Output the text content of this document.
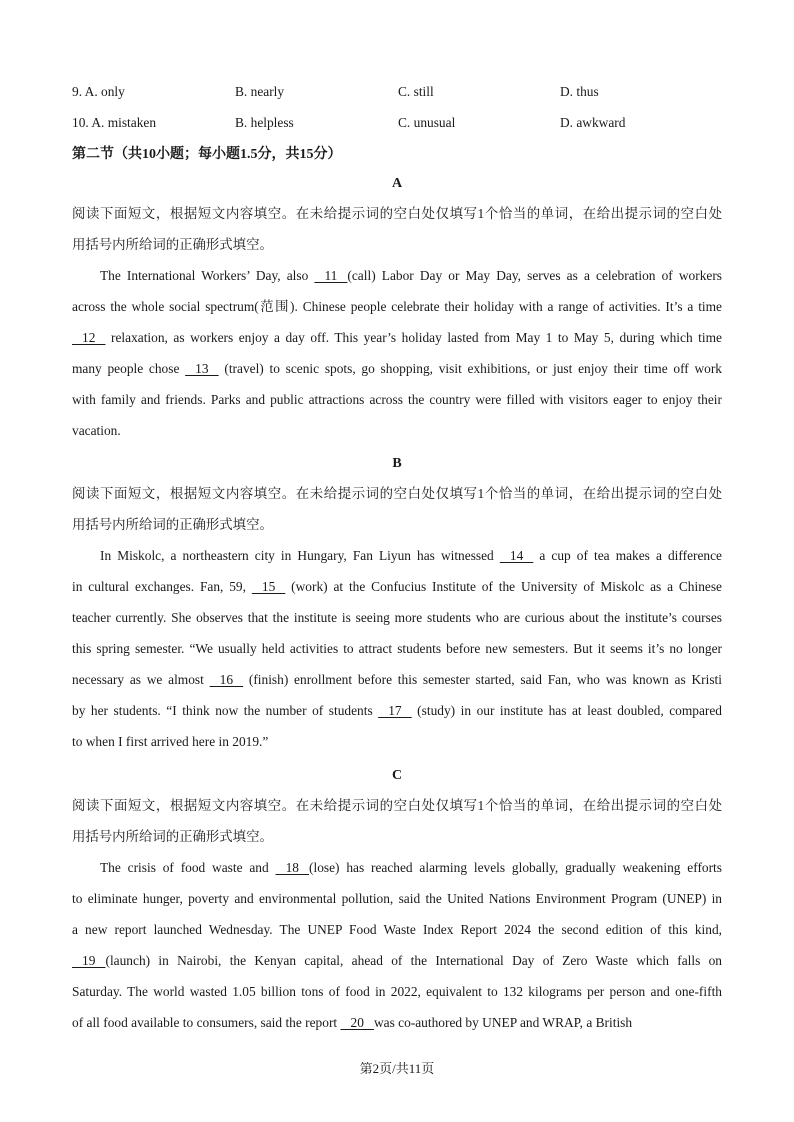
9. A. only	B. nearly	C. still	D. thus
10. A. mistaken	B. helpless	C. unusual	D. awkward
第二节（共10小题；每小题1.5分，共15分）
A
阅读下面短文，根据短文内容填空。在未给提示词的空白处仅填写1个恰当的单词，在给出提示词的空白处
用括号内所给词的正确形式填空。
The International Workers’ Day, also    11   (call) Labor Day or May Day, serves as a celebration of workers
across the whole social spectrum(范围). Chinese people celebrate their holiday with a range of activities. It’s a time
12    relaxation, as workers enjoy a day off. This year’s holiday lasted from May 1 to May 5, during which time
many people chose    13    (travel) to scenic spots, go shopping, visit exhibitions, or just enjoy their time off work
with family and friends. Parks and public attractions across the country were filled with visitors eager to enjoy their
vacation.
B
阅读下面短文，根据短文内容填空。在未给提示词的空白处仅填写1个恰当的单词，在给出提示词的空白处
用括号内所给词的正确形式填空。
In Miskolc, a northeastern city in Hungary, Fan Liyun has witnessed    14    a cup of tea makes a difference
in cultural exchanges. Fan, 59,    15    (work) at the Confucius Institute of the University of Miskolc as a Chinese
teacher currently. She observes that the institute is seeing more students who are curious about the institute’s courses
this spring semester. “We usually held activities to attract students before new semesters. But it seems it’s no longer
necessary as we almost    16    (finish) enrollment before this semester started, said Fan, who was known as Kristi
by her students. “I think now the number of students    17    (study) in our institute has at least doubled, compared
to when I first arrived here in 2019.”
C
阅读下面短文，根据短文内容填空。在未给提示词的空白处仅填写1个恰当的单词，在给出提示词的空白处
用括号内所给词的正确形式填空。
The crisis of food waste and    18   (lose) has reached alarming levels globally, gradually weakening efforts
to eliminate hunger, poverty and environmental pollution, said the United Nations Environment Program (UNEP) in
a new report launched Wednesday. The UNEP Food Waste Index Report 2024 the second edition of this kind,
19   (launch) in Nairobi, the Kenyan capital, ahead of the International Day of Zero Waste which falls on
Saturday. The world wasted 1.05 billion tons of food in 2022, equivalent to 132 kilograms per person and one-fifth
of all food available to consumers, said the report    20   was co-authored by UNEP and WRAP, a British
第2页/共11页
